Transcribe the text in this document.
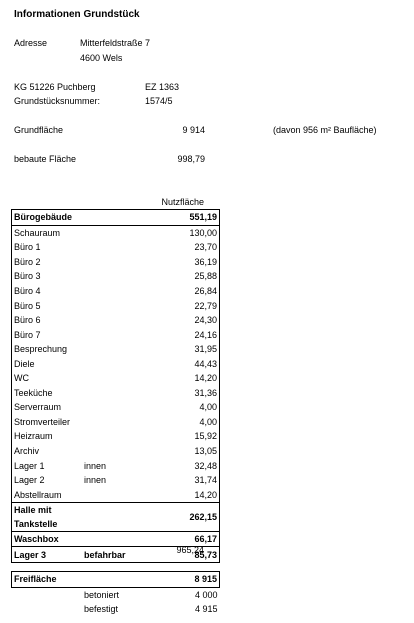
Informationen Grundstück
Adresse	Mitterfeldstraße 7
4600 Wels
KG 51226 Puchberg	EZ 1363
Grundstücksnummer:	1574/5
Grundfläche	9 914	(davon 956 m² Baufläche)
bebaute Fläche	998,79
Nutzfläche
Bürogebäude		551,19
Schauraum		130,00
Büro 1		23,70
Büro 2		36,19
Büro 3		25,88
Büro 4		26,84
Büro 5		22,79
Büro 6		24,30
Büro 7		24,16
Besprechung		31,95
Diele		44,43
WC		14,20
Teeküche		31,36
Serverraum		4,00
Stromverteiler		4,00
Heizraum		15,92
Archiv		13,05
Lager 1	innen	32,48
Lager 2	innen	31,74
Abstellraum		14,20
Halle mit Tankstelle		262,15
Waschbox		66,17
Lager 3	befahrbar	85,73
965,24
Freifläche		8 915
	betoniert	4 000
	befestigt	4 915
